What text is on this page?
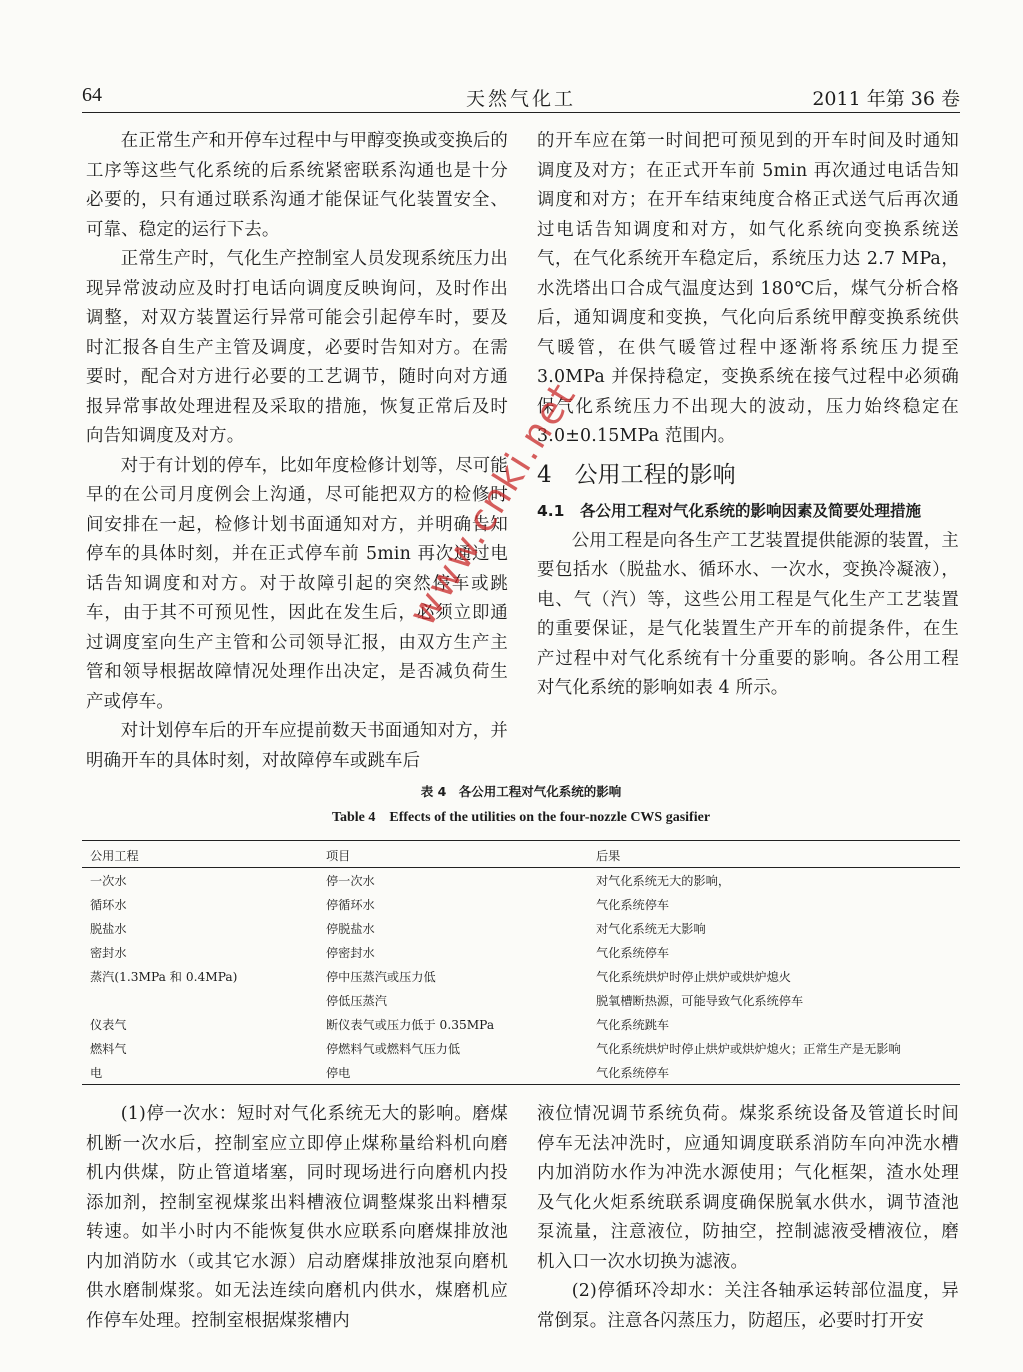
64	天然气化工	2011 年第 36 卷

在正常生产和开停车过程中与甲醇变换或变换后的工序等这些气化系统的后系统紧密联系沟通也是十分必要的，只有通过联系沟通才能保证气化装置安全、可靠、稳定的运行下去。

正常生产时，气化生产控制室人员发现系统压力出现异常波动应及时打电话向调度反映询问，及时作出调整，对双方装置运行异常可能会引起停车时，要及时汇报各自生产主管及调度，必要时告知对方。在需要时，配合对方进行必要的工艺调节，随时向对方通报异常事故处理进程及采取的措施，恢复正常后及时向告知调度及对方。

对于有计划的停车，比如年度检修计划等，尽可能早的在公司月度例会上沟通，尽可能把双方的检修时间安排在一起，检修计划书面通知对方，并明确告知停车的具体时刻，并在正式停车前 5min 再次通过电话告知调度和对方。对于故障引起的突然停车或跳车，由于其不可预见性，因此在发生后，必须立即通过调度室向生产主管和公司领导汇报，由双方生产主管和领导根据故障情况处理作出决定，是否减负荷生产或停车。

对计划停车后的开车应提前数天书面通知对方，并明确开车的具体时刻，对故障停车或跳车后

的开车应在第一时间把可预见到的开车时间及时通知调度及对方；在正式开车前 5min 再次通过电话告知调度和对方；在开车结束纯度合格正式送气后再次通过电话告知调度和对方，如气化系统向变换系统送气，在气化系统开车稳定后，系统压力达 2.7 MPa，水洗塔出口合成气温度达到 180℃后，煤气分析合格后，通知调度和变换，气化向后系统甲醇变换系统供气暖管，在供气暖管过程中逐渐将系统压力提至 3.0MPa 并保持稳定，变换系统在接气过程中必须确保气化系统压力不出现大的波动，压力始终稳定在 3.0±0.15MPa 范围内。

4　公用工程的影响
4.1　各公用工程对气化系统的影响因素及简要处理措施

公用工程是向各生产工艺装置提供能源的装置，主要包括水（脱盐水、循环水、一次水，变换冷凝液），电、气（汽）等，这些公用工程是气化生产工艺装置的重要保证，是气化装置生产开车的前提条件，在生产过程中对气化系统有十分重要的影响。各公用工程对气化系统的影响如表 4 所示。

表 4　各公用工程对气化系统的影响
Table 4　Effects of the utilities on the four-nozzle CWS gasifier
公用工程	项目	后果
一次水	停一次水	对气化系统无大的影响，
循环水	停循环水	气化系统停车
脱盐水	停脱盐水	对气化系统无大影响
密封水	停密封水	气化系统停车
蒸汽(1.3MPa 和 0.4MPa)	停中压蒸汽或压力低	气化系统烘炉时停止烘炉或烘炉熄火
	停低压蒸汽	脱氧槽断热源，可能导致气化系统停车
仪表气	断仪表气或压力低于 0.35MPa	气化系统跳车
燃料气	停燃料气或燃料气压力低	气化系统烘炉时停止烘炉或烘炉熄火；正常生产是无影响
电	停电	气化系统停车

(1)停一次水：短时对气化系统无大的影响。磨煤机断一次水后，控制室应立即停止煤称量给料机向磨机内供煤，防止管道堵塞，同时现场进行向磨机内投添加剂，控制室视煤浆出料槽液位调整煤浆出料槽泵转速。如半小时内不能恢复供水应联系向磨煤排放池内加消防水（或其它水源）启动磨煤排放池泵向磨机供水磨制煤浆。如无法连续向磨机内供水，煤磨机应作停车处理。控制室根据煤浆槽内

液位情况调节系统负荷。煤浆系统设备及管道长时间停车无法冲洗时，应通知调度联系消防车向冲洗水槽内加消防水作为冲洗水源使用；气化框架，渣水处理及气化火炬系统联系调度确保脱氧水供水，调节渣池泵流量，注意液位，防抽空，控制滤液受槽液位，磨机入口一次水切换为滤液。

(2)停循环冷却水：关注各轴承运转部位温度，异常倒泵。注意各闪蒸压力，防超压，必要时打开安

www.cnki.net
